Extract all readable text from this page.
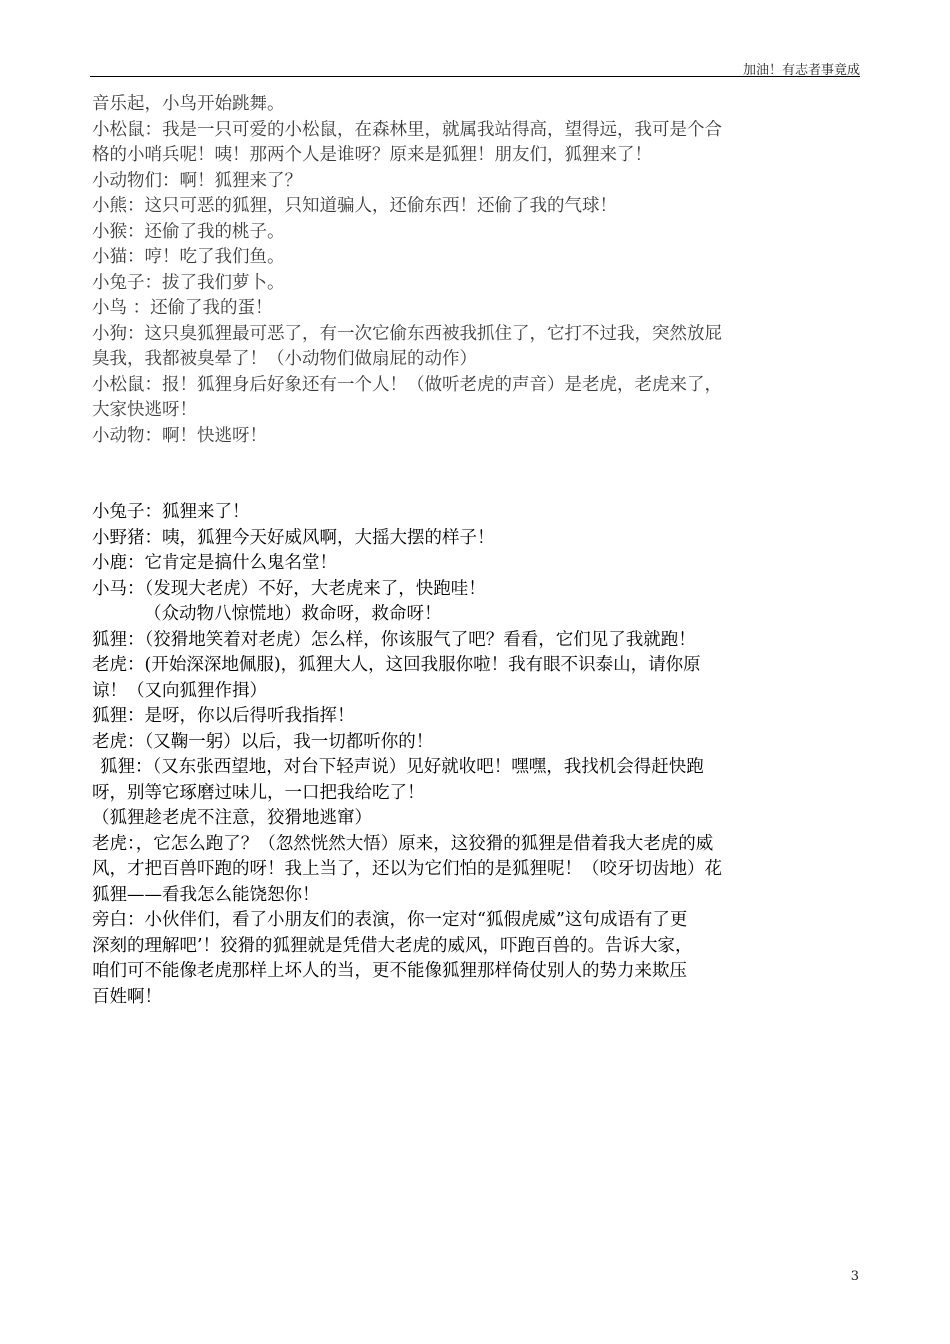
加油！有志者事竟成
音乐起，小鸟开始跳舞。
小松鼠：我是一只可爱的小松鼠，在森林里，就属我站得高，望得远，我可是个合
格的小哨兵呢！咦！那两个人是谁呀？原来是狐狸！朋友们，狐狸来了！
小动物们：啊！狐狸来了？
小熊：这只可恶的狐狸，只知道骗人，还偷东西！还偷了我的气球！
小猴：还偷了我的桃子。
小猫：哼！吃了我们鱼。
小兔子：拔了我们萝卜。
小鸟 ：还偷了我的蛋！
小狗：这只臭狐狸最可恶了，有一次它偷东西被我抓住了，它打不过我，突然放屁
臭我，我都被臭晕了！（小动物们做扇屁的动作）
小松鼠：报！狐狸身后好象还有一个人！（做听老虎的声音）是老虎，老虎来了，
大家快逃呀！
小动物：啊！快逃呀！
小兔子：狐狸来了！
小野猪：咦，狐狸今天好威风啊，大摇大摆的样子！
小鹿：它肯定是搞什么鬼名堂！
小马：（发现大老虎）不好，大老虎来了，快跑哇！
（众动物八惊慌地）救命呀，救命呀！
狐狸：（狡猾地笑着对老虎）怎么样，你该服气了吧？看看，它们见了我就跑！
老虎：(开始深深地佩服)，狐狸大人，这回我服你啦！我有眼不识泰山，请你原
谅！（又向狐狸作揖）
狐狸：是呀，你以后得听我指挥！
老虎：（又鞠一躬）以后，我一切都听你的！
狐狸：（又东张西望地，对台下轻声说）见好就收吧！嘿嘿，我找机会得赶快跑
呀，别等它琢磨过味儿，一口把我给吃了！
（狐狸趁老虎不注意，狡猾地逃窜）
老虎：，它怎么跑了？（忽然恍然大悟）原来，这狡猾的狐狸是借着我大老虎的威
风，才把百兽吓跑的呀！我上当了，还以为它们怕的是狐狸呢！（咬牙切齿地）花
狐狸——看我怎么能饶恕你！
旁白：小伙伴们，看了小朋友们的表演，你一定对“狐假虎威”这句成语有了更
深刻的理解吧’！狡猾的狐狸就是凭借大老虎的威风，吓跑百兽的。告诉大家，
咱们可不能像老虎那样上坏人的当，更不能像狐狸那样倚仗别人的势力来欺压
百姓啊！
3
